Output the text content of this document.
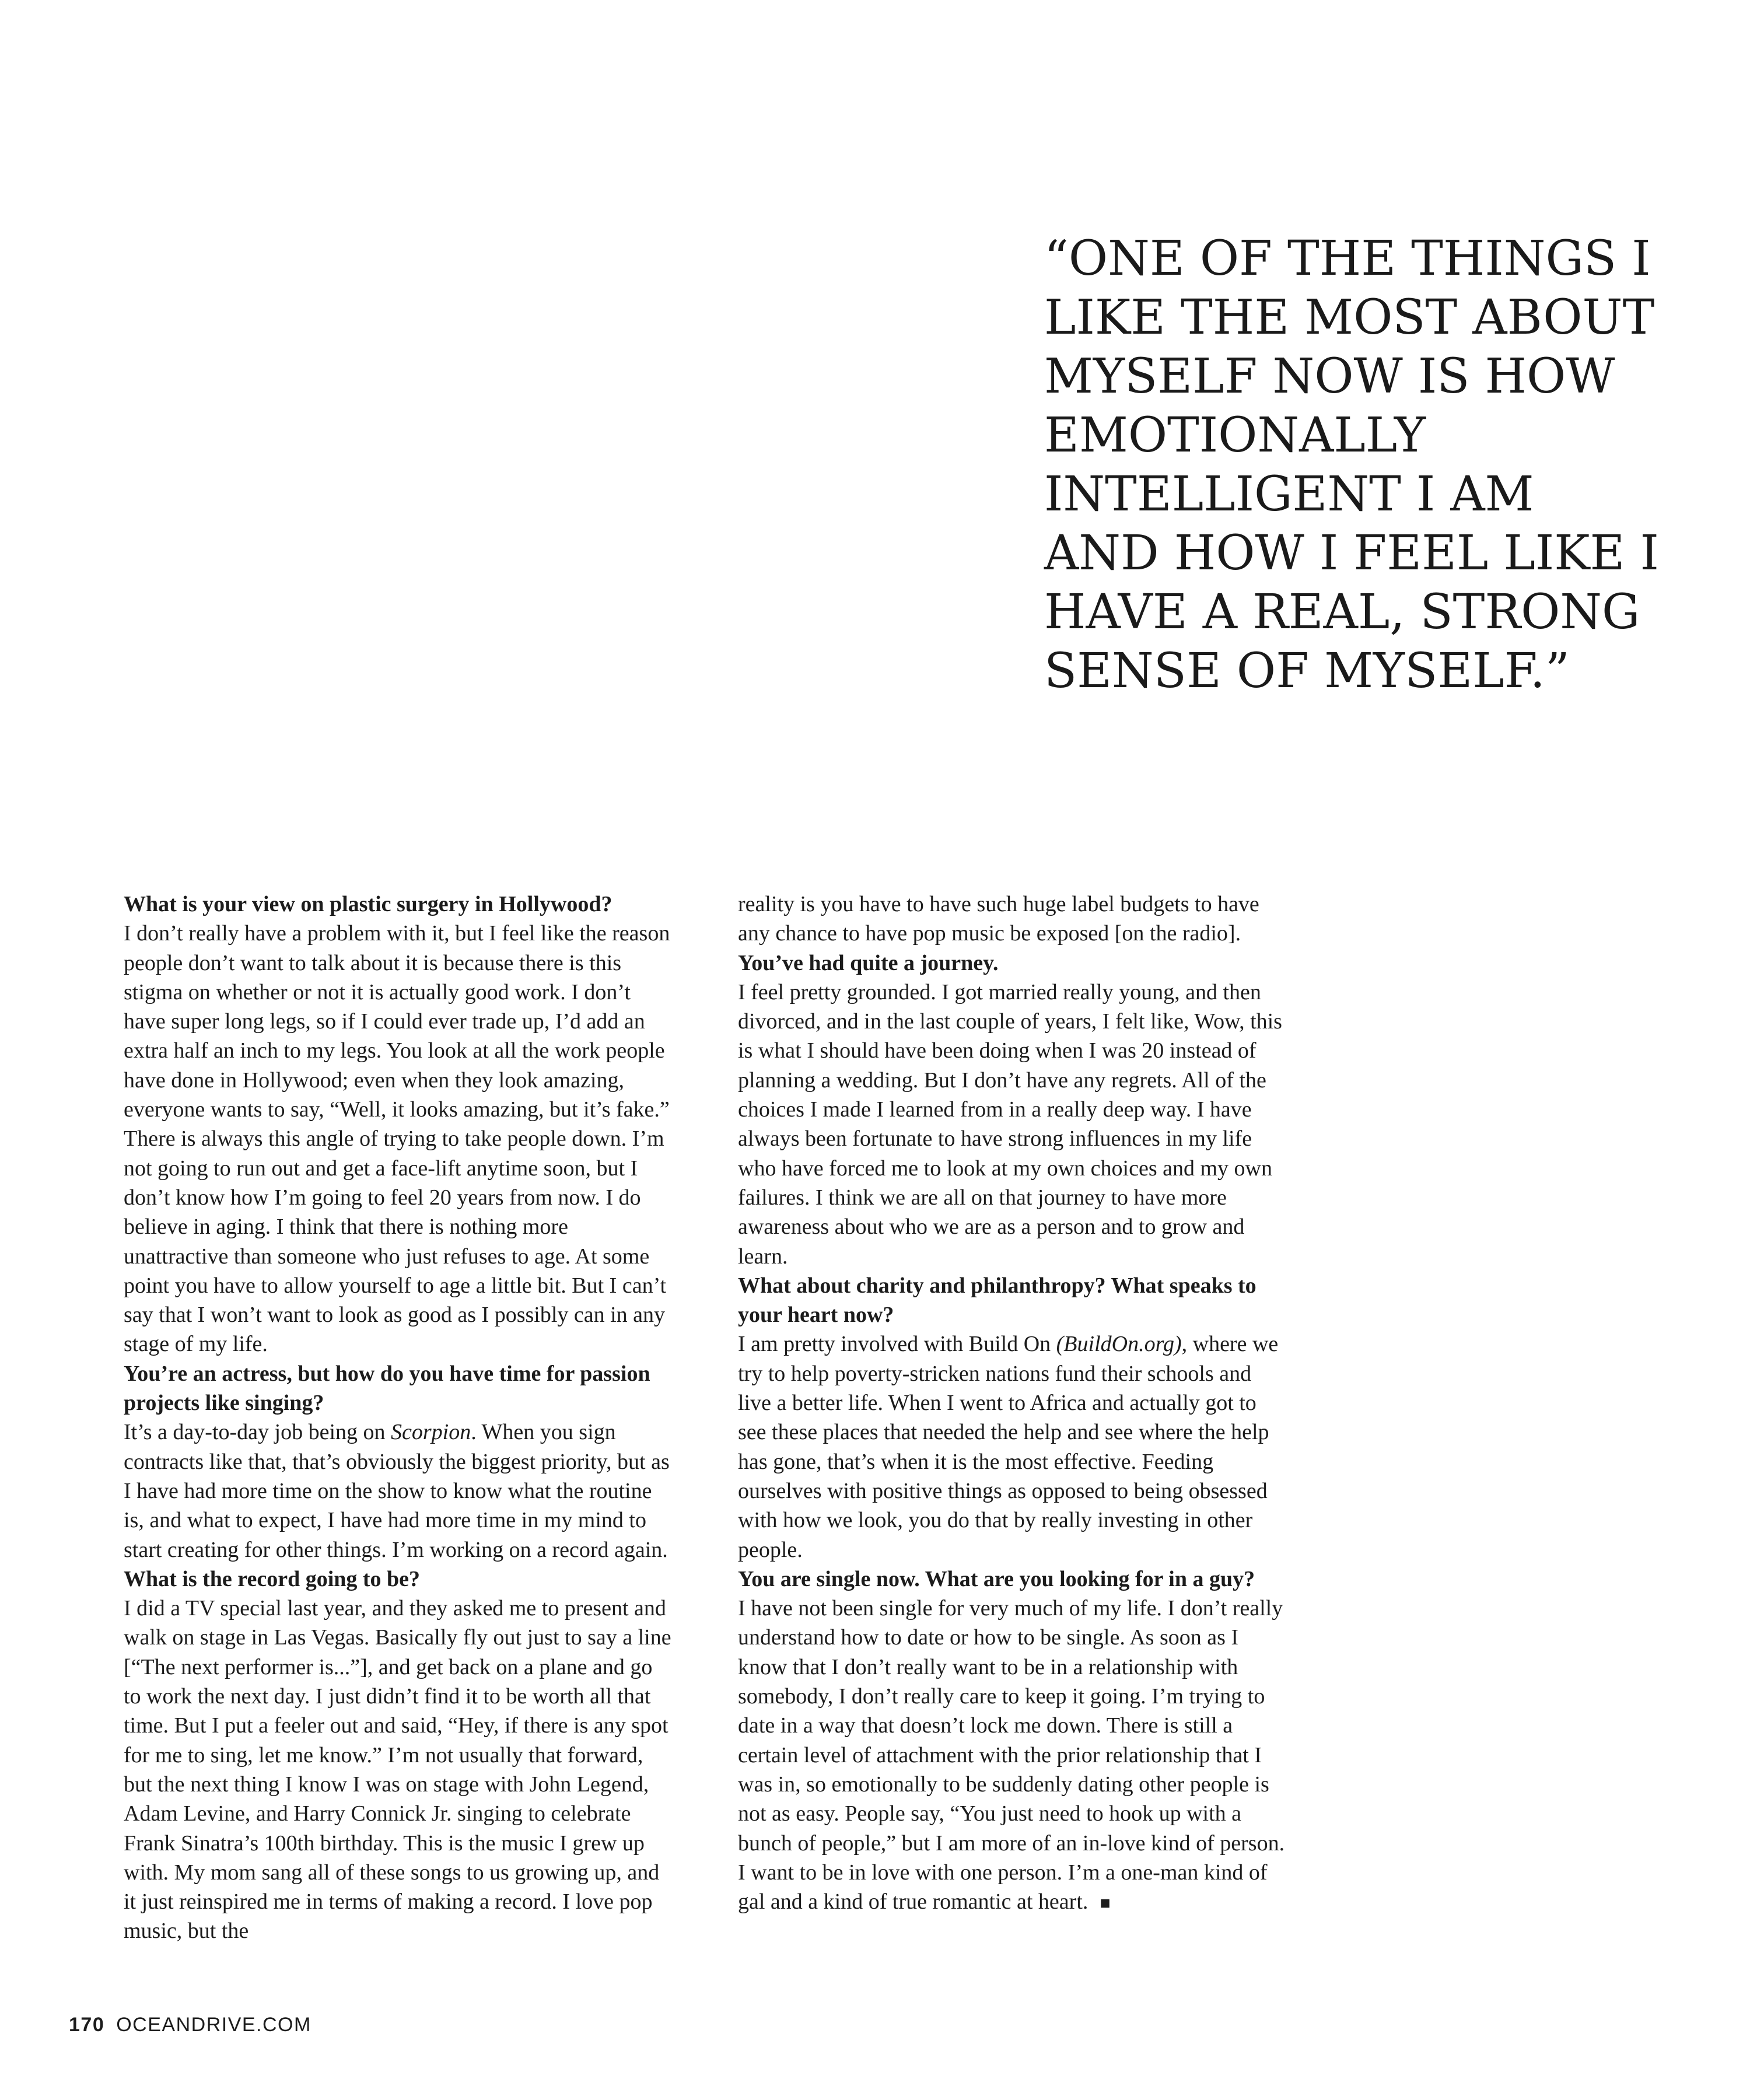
“ONE OF THE THINGS I
LIKE THE MOST ABOUT
MYSELF NOW IS HOW
EMOTIONALLY
INTELLIGENT I AM
AND HOW I FEEL LIKE I
HAVE A REAL, STRONG
SENSE OF MYSELF.”

What is your view on plastic surgery in Hollywood?

I don’t really have a problem with it, but I feel like the reason people don’t want to talk about it is because there is this stigma on whether or not it is actually good work. I don’t have super long legs, so if I could ever trade up, I’d add an extra half an inch to my legs. You look at all the work people have done in Hollywood; even when they look amazing, everyone wants to say, “Well, it looks amazing, but it’s fake.” There is always this angle of trying to take people down. I’m not going to run out and get a face-lift anytime soon, but I don’t know how I’m going to feel 20 years from now. I do believe in aging. I think that there is nothing more unattractive than someone who just refuses to age. At some point you have to allow yourself to age a little bit. But I can’t say that I won’t want to look as good as I possibly can in any stage of my life.

You’re an actress, but how do you have time for passion projects like singing?

It’s a day-to-day job being on Scorpion. When you sign contracts like that, that’s obviously the biggest priority, but as I have had more time on the show to know what the routine is, and what to expect, I have had more time in my mind to start creating for other things. I’m working on a record again.

What is the record going to be?

I did a TV special last year, and they asked me to present and walk on stage in Las Vegas. Basically fly out just to say a line [“The next performer is...”], and get back on a plane and go to work the next day. I just didn’t find it to be worth all that time. But I put a feeler out and said, “Hey, if there is any spot for me to sing, let me know.” I’m not usually that forward, but the next thing I know I was on stage with John Legend, Adam Levine, and Harry Connick Jr. singing to celebrate Frank Sinatra’s 100th birthday. This is the music I grew up with. My mom sang all of these songs to us growing up, and it just reinspired me in terms of making a record. I love pop music, but the

reality is you have to have such huge label budgets to have any chance to have pop music be exposed [on the radio].

You’ve had quite a journey.

I feel pretty grounded. I got married really young, and then divorced, and in the last couple of years, I felt like, Wow, this is what I should have been doing when I was 20 instead of planning a wedding. But I don’t have any regrets. All of the choices I made I learned from in a really deep way. I have always been fortunate to have strong influences in my life who have forced me to look at my own choices and my own failures. I think we are all on that journey to have more awareness about who we are as a person and to grow and learn.

What about charity and philanthropy? What speaks to your heart now?

I am pretty involved with Build On (BuildOn.org), where we try to help poverty-stricken nations fund their schools and live a better life. When I went to Africa and actually got to see these places that needed the help and see where the help has gone, that’s when it is the most effective. Feeding ourselves with positive things as opposed to being obsessed with how we look, you do that by really investing in other people.

You are single now. What are you looking for in a guy?

I have not been single for very much of my life. I don’t really understand how to date or how to be single. As soon as I know that I don’t really want to be in a relationship with somebody, I don’t really care to keep it going. I’m trying to date in a way that doesn’t lock me down. There is still a certain level of attachment with the prior relationship that I was in, so emotionally to be suddenly dating other people is not as easy. People say, “You just need to hook up with a bunch of people,” but I am more of an in-love kind of person. I want to be in love with one person. I’m a one-man kind of gal and a kind of true romantic at heart. ■

170 OCEANDRIVE.COM
